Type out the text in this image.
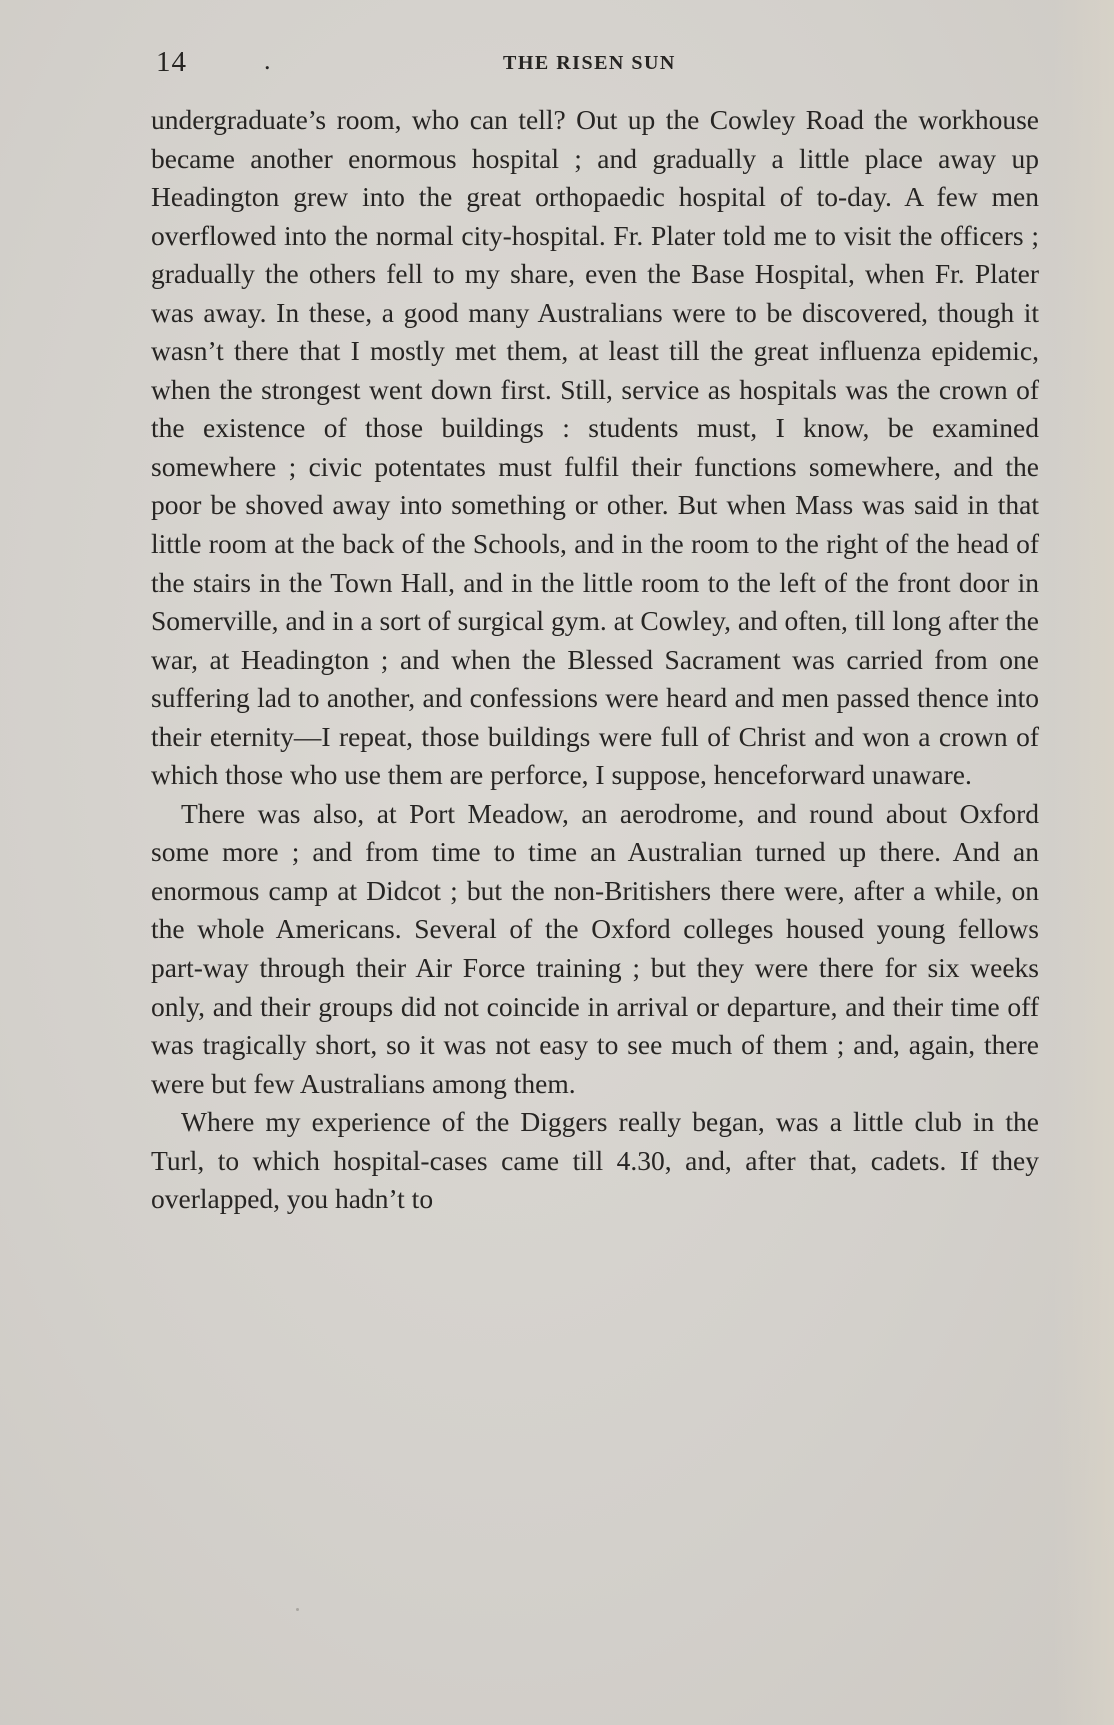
14	.	THE RISEN SUN

undergraduate’s room, who can tell? Out up the Cowley Road the workhouse became another enormous hospital ; and gradually a little place away up Headington grew into the great orthopaedic hospital of to-day. A few men overflowed into the normal city-hospital. Fr. Plater told me to visit the officers ; gradually the others fell to my share, even the Base Hospital, when Fr. Plater was away. In these, a good many Australians were to be discovered, though it wasn’t there that I mostly met them, at least till the great influenza epidemic, when the strongest went down first. Still, service as hospitals was the crown of the existence of those buildings : students must, I know, be examined somewhere ; civic potentates must fulfil their functions somewhere, and the poor be shoved away into something or other. But when Mass was said in that little room at the back of the Schools, and in the room to the right of the head of the stairs in the Town Hall, and in the little room to the left of the front door in Somerville, and in a sort of surgical gym. at Cowley, and often, till long after the war, at Headington ; and when the Blessed Sacrament was carried from one suffering lad to another, and confessions were heard and men passed thence into their eternity—I repeat, those buildings were full of Christ and won a crown of which those who use them are perforce, I suppose, henceforward unaware.

There was also, at Port Meadow, an aerodrome, and round about Oxford some more ; and from time to time an Australian turned up there. And an enormous camp at Didcot ; but the non-Britishers there were, after a while, on the whole Americans. Several of the Oxford colleges housed young fellows part-way through their Air Force training ; but they were there for six weeks only, and their groups did not coincide in arrival or departure, and their time off was tragically short, so it was not easy to see much of them ; and, again, there were but few Australians among them.

Where my experience of the Diggers really began, was a little club in the Turl, to which hospital-cases came till 4.30, and, after that, cadets. If they overlapped, you hadn’t to
